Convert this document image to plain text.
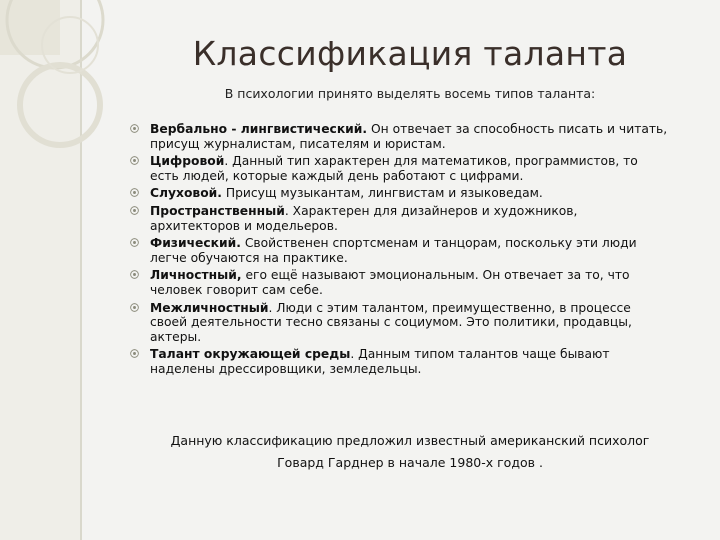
Классификация таланта
В психологии принято выделять восемь типов таланта:
Вербально - лингвистический. Он отвечает за способность писать и читать, присущ журналистам, писателям и юристам.
Цифровой. Данный тип характерен для математиков, программистов, то есть людей, которые каждый день работают с цифрами.
Слуховой. Присущ музыкантам, лингвистам и языковедам.
Пространственный. Характерен для дизайнеров и художников, архитекторов и модельеров.
Физический. Свойственен спортсменам и танцорам, поскольку эти люди легче обучаются на практике.
Личностный, его ещё называют эмоциональным. Он отвечает за то, что человек говорит сам себе.
Межличностный. Люди с этим талантом, преимущественно, в процессе своей деятельности тесно связаны с социумом. Это политики, продавцы, актеры.
Талант окружающей среды. Данным типом талантов чаще бывают наделены дрессировщики, земледельцы.
Данную классификацию предложил известный американский психолог
Говард Гарднер в начале 1980-х годов .
